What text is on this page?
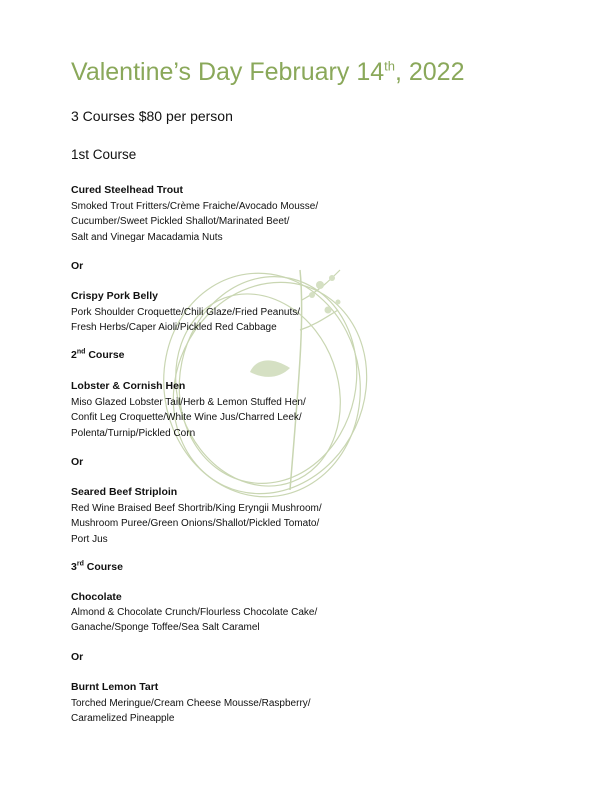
Valentine’s Day February 14th, 2022
3 Courses $80 per person
1st Course
Cured Steelhead Trout
Smoked Trout Fritters/Crème Fraiche/Avocado Mousse/
Cucumber/Sweet Pickled Shallot/Marinated Beet/
Salt and Vinegar Macadamia Nuts
Or
Crispy Pork Belly
Pork Shoulder Croquette/Chili Glaze/Fried Peanuts/
Fresh Herbs/Caper Aioli/Pickled Red Cabbage
2nd Course
Lobster & Cornish Hen
Miso Glazed Lobster Tail/Herb & Lemon Stuffed Hen/
Confit Leg Croquette/White Wine Jus/Charred Leek/
Polenta/Turnip/Pickled Corn
Or
Seared Beef Striploin
Red Wine Braised Beef Shortrib/King Eryngii Mushroom/
Mushroom Puree/Green Onions/Shallot/Pickled Tomato/
Port Jus
3rd Course
Chocolate
Almond & Chocolate Crunch/Flourless Chocolate Cake/
Ganache/Sponge Toffee/Sea Salt Caramel
Or
Burnt Lemon Tart
Torched Meringue/Cream Cheese Mousse/Raspberry/
Caramelized Pineapple
